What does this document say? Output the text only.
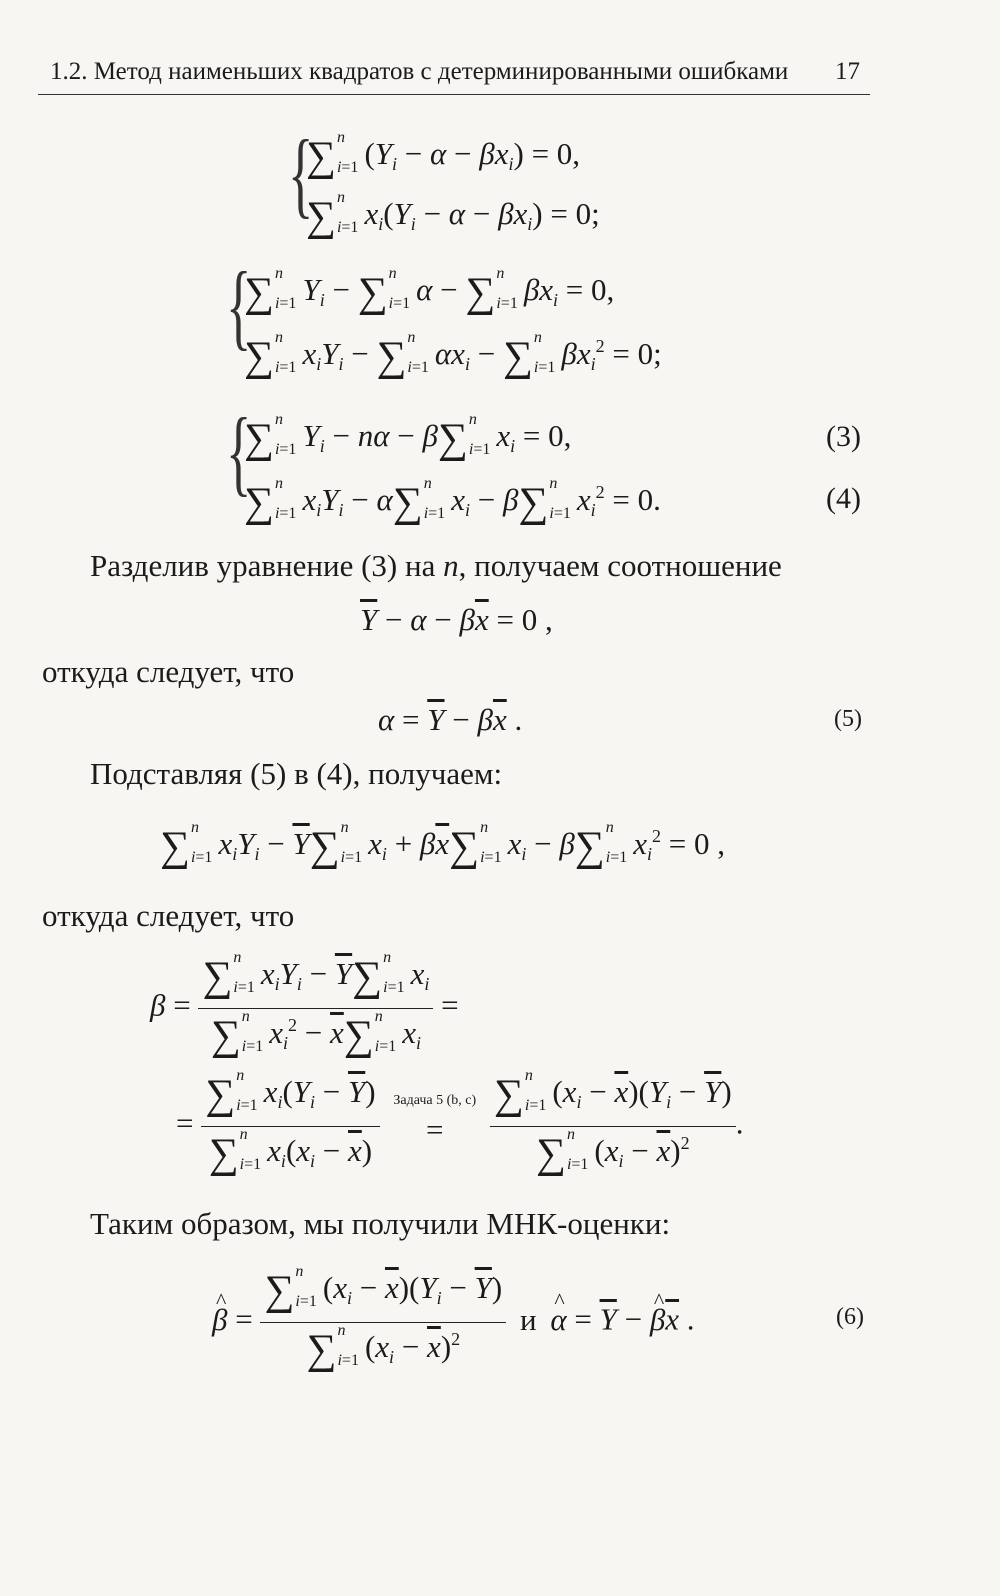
1.2. Метод наименьших квадратов с детерминированными ошибками 17
{
∑ n
i=1 $(Y_i - \alpha - \beta x_i) = 0$,
∑ n
i=1 $x_i(Y_i - \alpha - \beta x_i) = 0$;
{
∑ n
i=1 $Y_i$ − ∑ n
i=1 α − ∑ n
i=1 $\beta x_i = 0$,
∑ n
i=1 $x_iY_i$ − ∑ n
i=1 $\alpha x_i$ − ∑ n
i=1 $\beta x_i^2 = 0$;
{
∑ n
i=1 $Y_i - n\alpha - \beta\sum$ n
i=1 $x_i = 0$,	(3)
∑ n
i=1 $x_iY_i - \alpha\sum$ n
i=1 $x_i - \beta\sum$ n
i=1 $x_i^2 = 0$.	(4)
Разделив уравнение (3) на n, получаем соотношение
$\overline{Y} - \alpha - \beta\overline{x} = 0$ ,
откуда следует, что
$\alpha = \overline{Y} - \beta\overline{x}$ .	(5)
Подставляя (5) в (4), получаем:
∑ n
i=1 $x_iY_i - \overline{Y}\sum$ n
i=1 $x_i + \beta\overline{x}\sum$ n
i=1 $x_i - \beta\sum$ n
i=1 $x_i^2 = 0$ ,
откуда следует, что
β = ∑ n
i=1 $x_iY_i - \overline{Y}\sum$ n
i=1 $x_i$
∑ n
i=1 $x_i^2 - \overline{x}\sum$ n
i=1 $x_i$ =
= ∑ n
i=1 $x_i(Y_i - \overline{Y})$
∑ n
i=1 $x_i(x_i - \overline{x})$
Задача 5 (b, c)
=
∑ n
i=1 $(x_i - \overline{x})(Y_i - \overline{Y})$
∑ n
i=1 $(x_i - \overline{x})^2$ .
Таким образом, мы получили МНК-оценки:
^ β = ∑ n
i=1 $(x_i - \overline{x})(Y_i - \overline{Y})$
∑ n
i=1 $(x_i - \overline{x})^2$ и ^ $\alpha = \overline{Y}$ − ^ $\beta\overline{x}$ .	(6)
